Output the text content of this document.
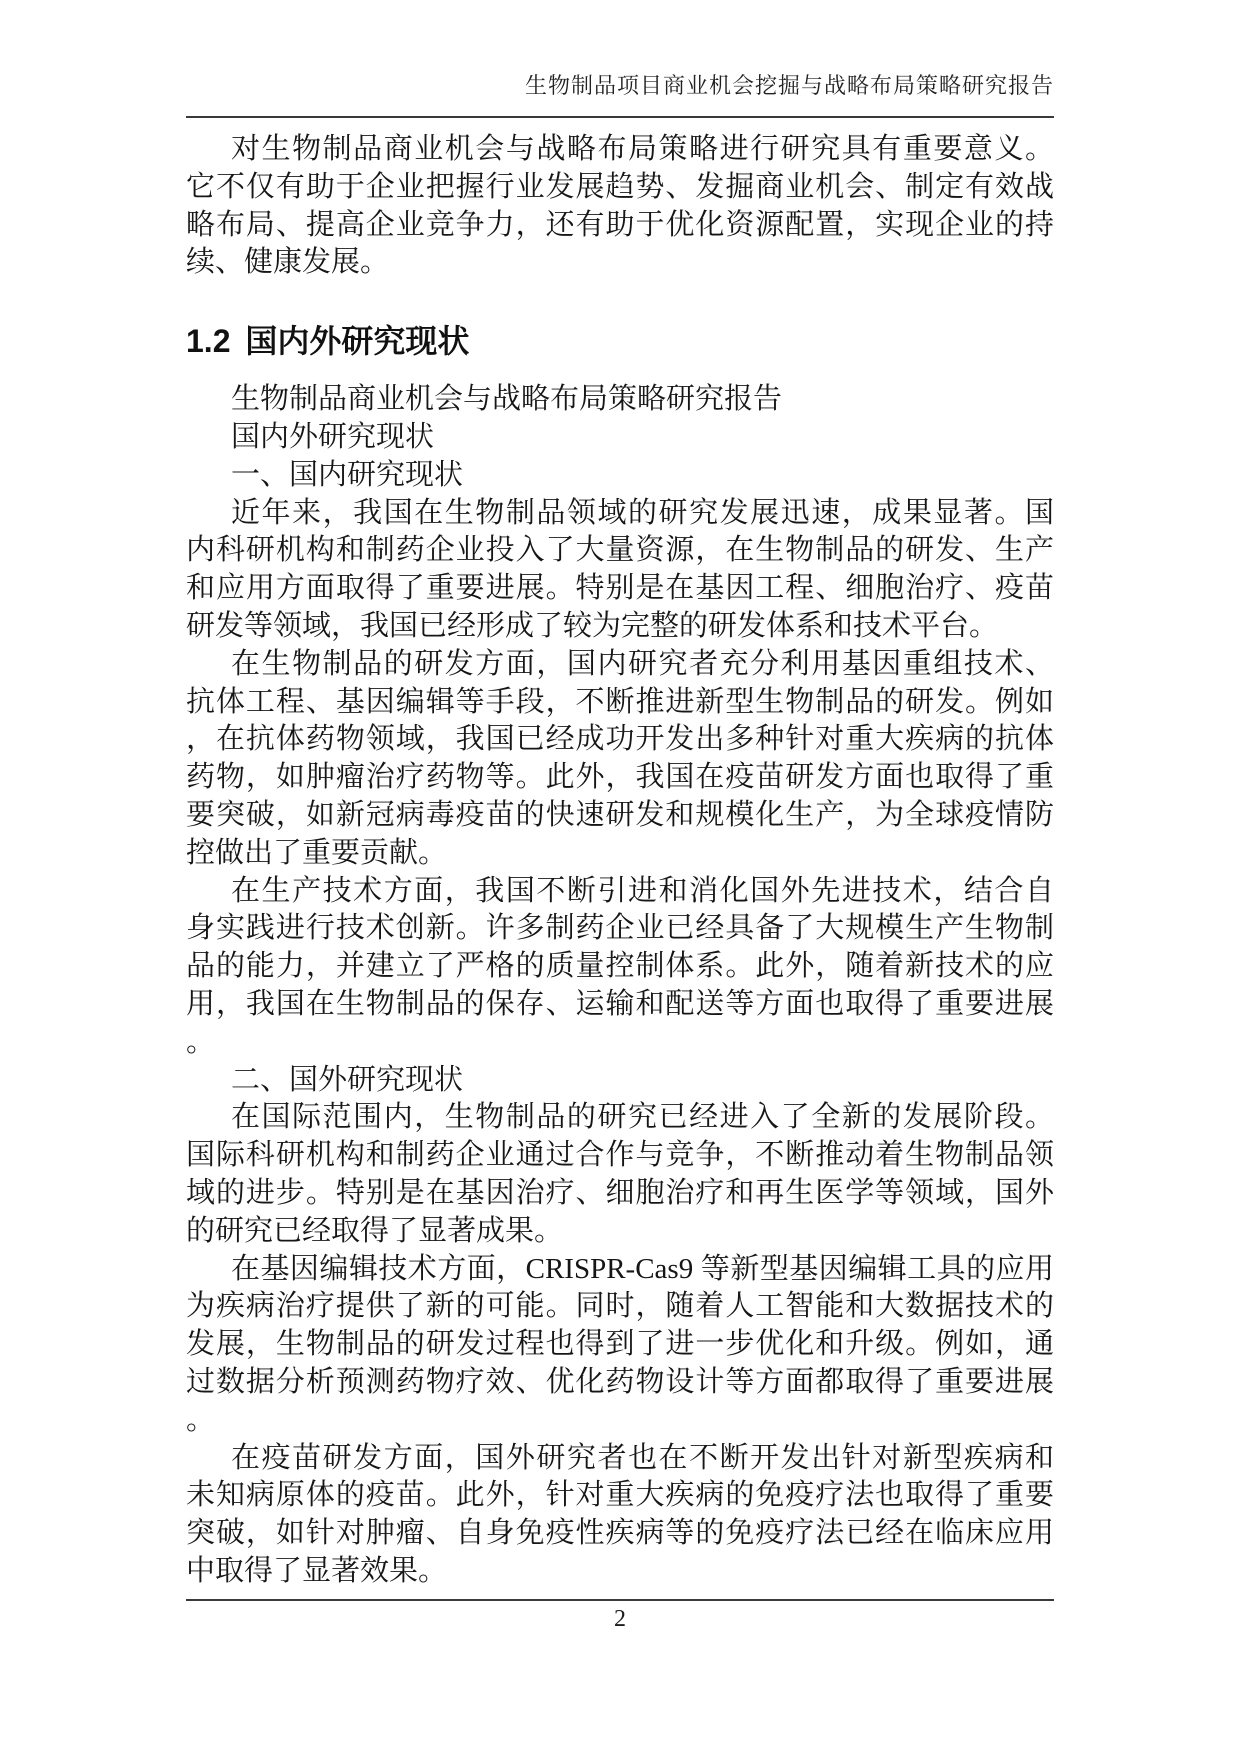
生物制品项目商业机会挖掘与战略布局策略研究报告
对生物制品商业机会与战略布局策略进行研究具有重要意义。
它不仅有助于企业把握行业发展趋势、发掘商业机会、制定有效战
略布局、提高企业竞争力，还有助于优化资源配置，实现企业的持
续、健康发展。
1.2 国内外研究现状
生物制品商业机会与战略布局策略研究报告
国内外研究现状
一、国内研究现状
近年来，我国在生物制品领域的研究发展迅速，成果显著。国
内科研机构和制药企业投入了大量资源，在生物制品的研发、生产
和应用方面取得了重要进展。特别是在基因工程、细胞治疗、疫苗
研发等领域，我国已经形成了较为完整的研发体系和技术平台。
在生物制品的研发方面，国内研究者充分利用基因重组技术、
抗体工程、基因编辑等手段，不断推进新型生物制品的研发。例如
，在抗体药物领域，我国已经成功开发出多种针对重大疾病的抗体
药物，如肿瘤治疗药物等。此外，我国在疫苗研发方面也取得了重
要突破，如新冠病毒疫苗的快速研发和规模化生产，为全球疫情防
控做出了重要贡献。
在生产技术方面，我国不断引进和消化国外先进技术，结合自
身实践进行技术创新。许多制药企业已经具备了大规模生产生物制
品的能力，并建立了严格的质量控制体系。此外，随着新技术的应
用，我国在生物制品的保存、运输和配送等方面也取得了重要进展
。
二、国外研究现状
在国际范围内，生物制品的研究已经进入了全新的发展阶段。
国际科研机构和制药企业通过合作与竞争，不断推动着生物制品领
域的进步。特别是在基因治疗、细胞治疗和再生医学等领域，国外
的研究已经取得了显著成果。
在基因编辑技术方面，CRISPR-Cas9 等新型基因编辑工具的应用
为疾病治疗提供了新的可能。同时，随着人工智能和大数据技术的
发展，生物制品的研发过程也得到了进一步优化和升级。例如，通
过数据分析预测药物疗效、优化药物设计等方面都取得了重要进展
。
在疫苗研发方面，国外研究者也在不断开发出针对新型疾病和
未知病原体的疫苗。此外，针对重大疾病的免疫疗法也取得了重要
突破，如针对肿瘤、自身免疫性疾病等的免疫疗法已经在临床应用
中取得了显著效果。
2
